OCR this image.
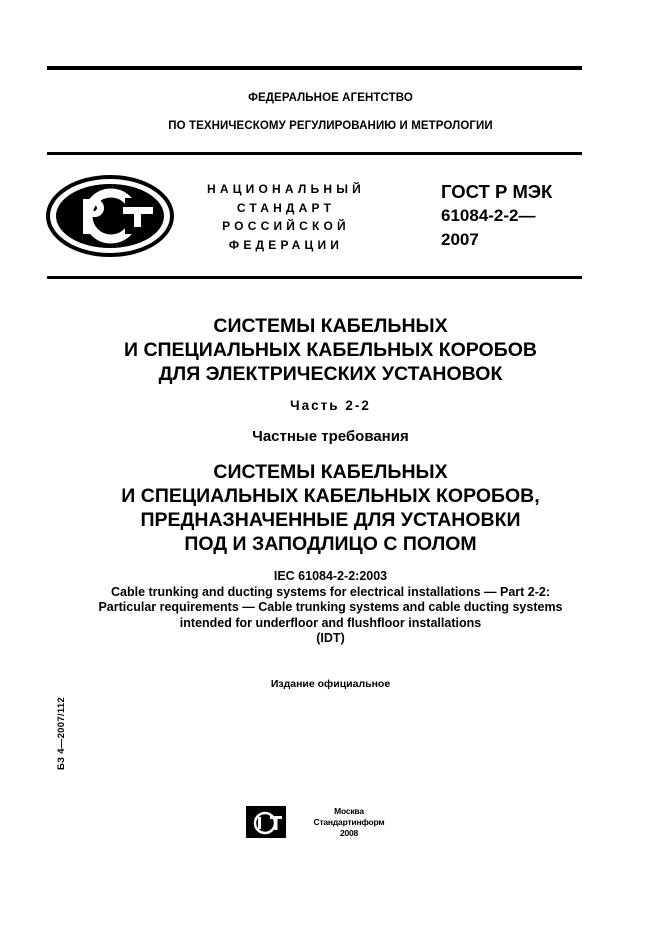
ФЕДЕРАЛЬНОЕ АГЕНТСТВО
ПО ТЕХНИЧЕСКОМУ РЕГУЛИРОВАНИЮ И МЕТРОЛОГИИ
НАЦИОНАЛЬНЫЙ
СТАНДАРТ
РОССИЙСКОЙ
ФЕДЕРАЦИИ
ГОСТ Р МЭК
61084-2-2—
2007
СИСТЕМЫ КАБЕЛЬНЫХ
И СПЕЦИАЛЬНЫХ КАБЕЛЬНЫХ КОРОБОВ
ДЛЯ ЭЛЕКТРИЧЕСКИХ УСТАНОВОК
Часть 2-2
Частные требования
СИСТЕМЫ КАБЕЛЬНЫХ
И СПЕЦИАЛЬНЫХ КАБЕЛЬНЫХ КОРОБОВ,
ПРЕДНАЗНАЧЕННЫЕ ДЛЯ УСТАНОВКИ
ПОД И ЗАПОДЛИЦО С ПОЛОМ
IEC 61084-2-2:2003
Cable trunking and ducting systems for electrical installations — Part 2-2:
Particular requirements — Cable trunking systems and cable ducting systems
intended for underfloor and flushfloor installations
(IDT)
Издание официальное
БЗ 4—2007/112
Москва
Стандартинформ
2008
